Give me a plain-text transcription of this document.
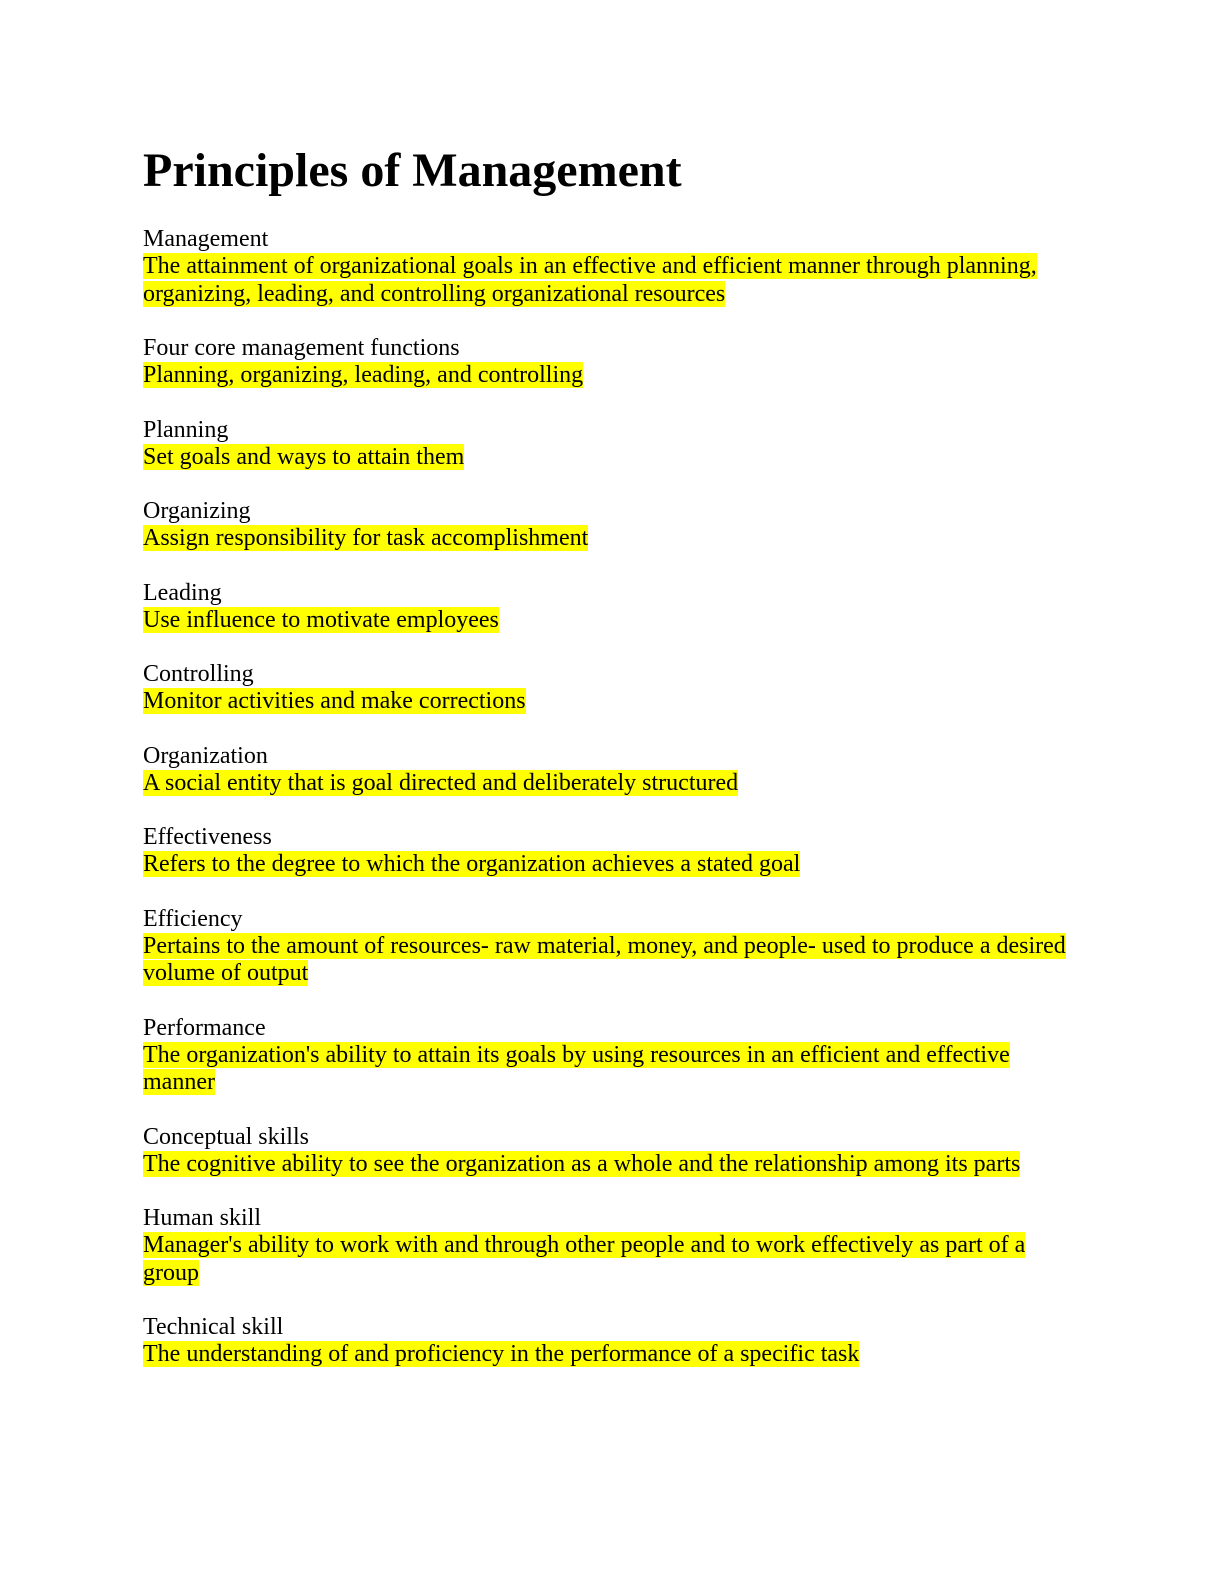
Principles of Management
Management
The attainment of organizational goals in an effective and efficient manner through planning, organizing, leading, and controlling organizational resources
Four core management functions
Planning, organizing, leading, and controlling
Planning
Set goals and ways to attain them
Organizing
Assign responsibility for task accomplishment
Leading
Use influence to motivate employees
Controlling
Monitor activities and make corrections
Organization
A social entity that is goal directed and deliberately structured
Effectiveness
Refers to the degree to which the organization achieves a stated goal
Efficiency
Pertains to the amount of resources- raw material, money, and people- used to produce a desired volume of output
Performance
The organization's ability to attain its goals by using resources in an efficient and effective manner
Conceptual skills
The cognitive ability to see the organization as a whole and the relationship among its parts
Human skill
Manager's ability to work with and through other people and to work effectively as part of a group
Technical skill
The understanding of and proficiency in the performance of a specific task
